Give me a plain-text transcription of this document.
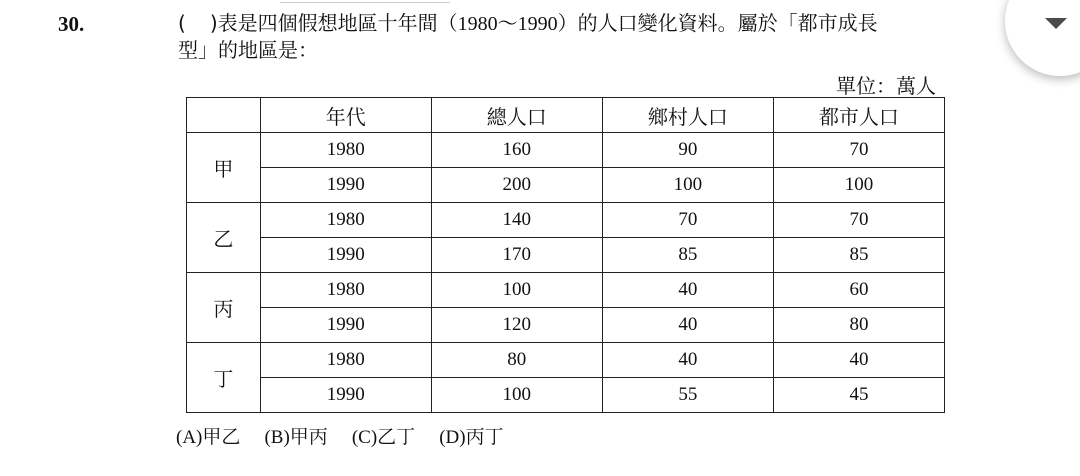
30.	( )表是四個假想地區十年間（1980～1990）的人口變化資料。屬於「都市成長
型」的地區是：
單位：萬人
	年代	總人口	鄉村人口	都市人口
甲	1980	160	90	70
	1990	200	100	100
乙	1980	140	70	70
	1990	170	85	85
丙	1980	100	40	60
	1990	120	40	80
丁	1980	80	40	40
	1990	100	55	45
(A)甲乙 (B)甲丙 (C)乙丁 (D)丙丁
